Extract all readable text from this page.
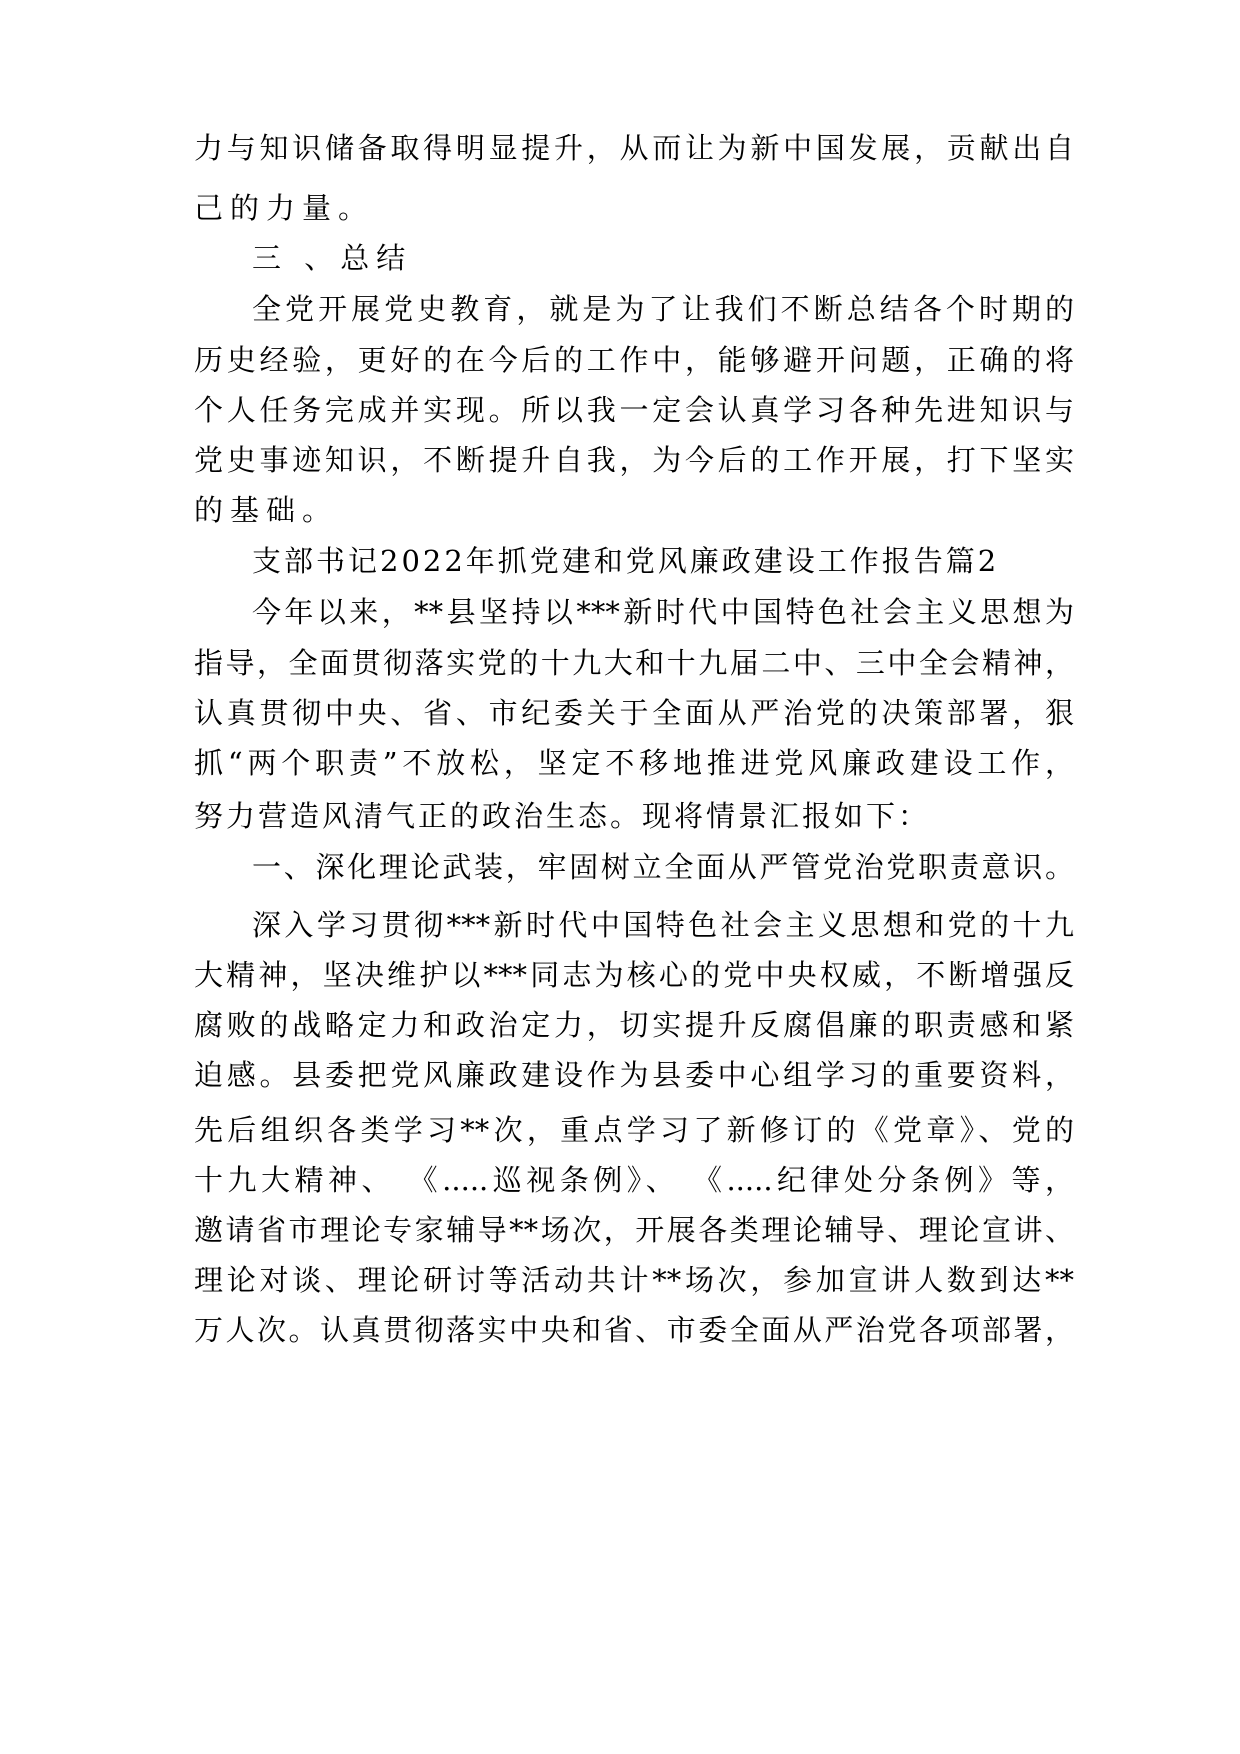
力与知识储备取得明显提升，从而让为新中国发展，贡献出自
己的力量。
三 、总结
全党开展党史教育，就是为了让我们不断总结各个时期的
历史经验，更好的在今后的工作中，能够避开问题，正确的将
个人任务完成并实现。所以我一定会认真学习各种先进知识与
党史事迹知识，不断提升自我，为今后的工作开展，打下坚实
的基础。
支部书记2022年抓党建和党风廉政建设工作报告篇2
今年以来，**县坚持以***新时代中国特色社会主义思想为
指导，全面贯彻落实党的十九大和十九届二中、三中全会精神，
认真贯彻中央、省、市纪委关于全面从严治党的决策部署，狠
抓“两个职责”不放松，坚定不移地推进党风廉政建设工作，
努力营造风清气正的政治生态。现将情景汇报如下：
一、深化理论武装，牢固树立全面从严管党治党职责意识。
深入学习贯彻***新时代中国特色社会主义思想和党的十九
大精神，坚决维护以***同志为核心的党中央权威，不断增强反
腐败的战略定力和政治定力，切实提升反腐倡廉的职责感和紧
迫感。县委把党风廉政建设作为县委中心组学习的重要资料，
先后组织各类学习**次，重点学习了新修订的《党章》、党的
十九大精神、 《.....巡视条例》、 《.....纪律处分条例》等，
邀请省市理论专家辅导**场次，开展各类理论辅导、理论宣讲、
理论对谈、理论研讨等活动共计**场次，参加宣讲人数到达**
万人次。认真贯彻落实中央和省、市委全面从严治党各项部署，
